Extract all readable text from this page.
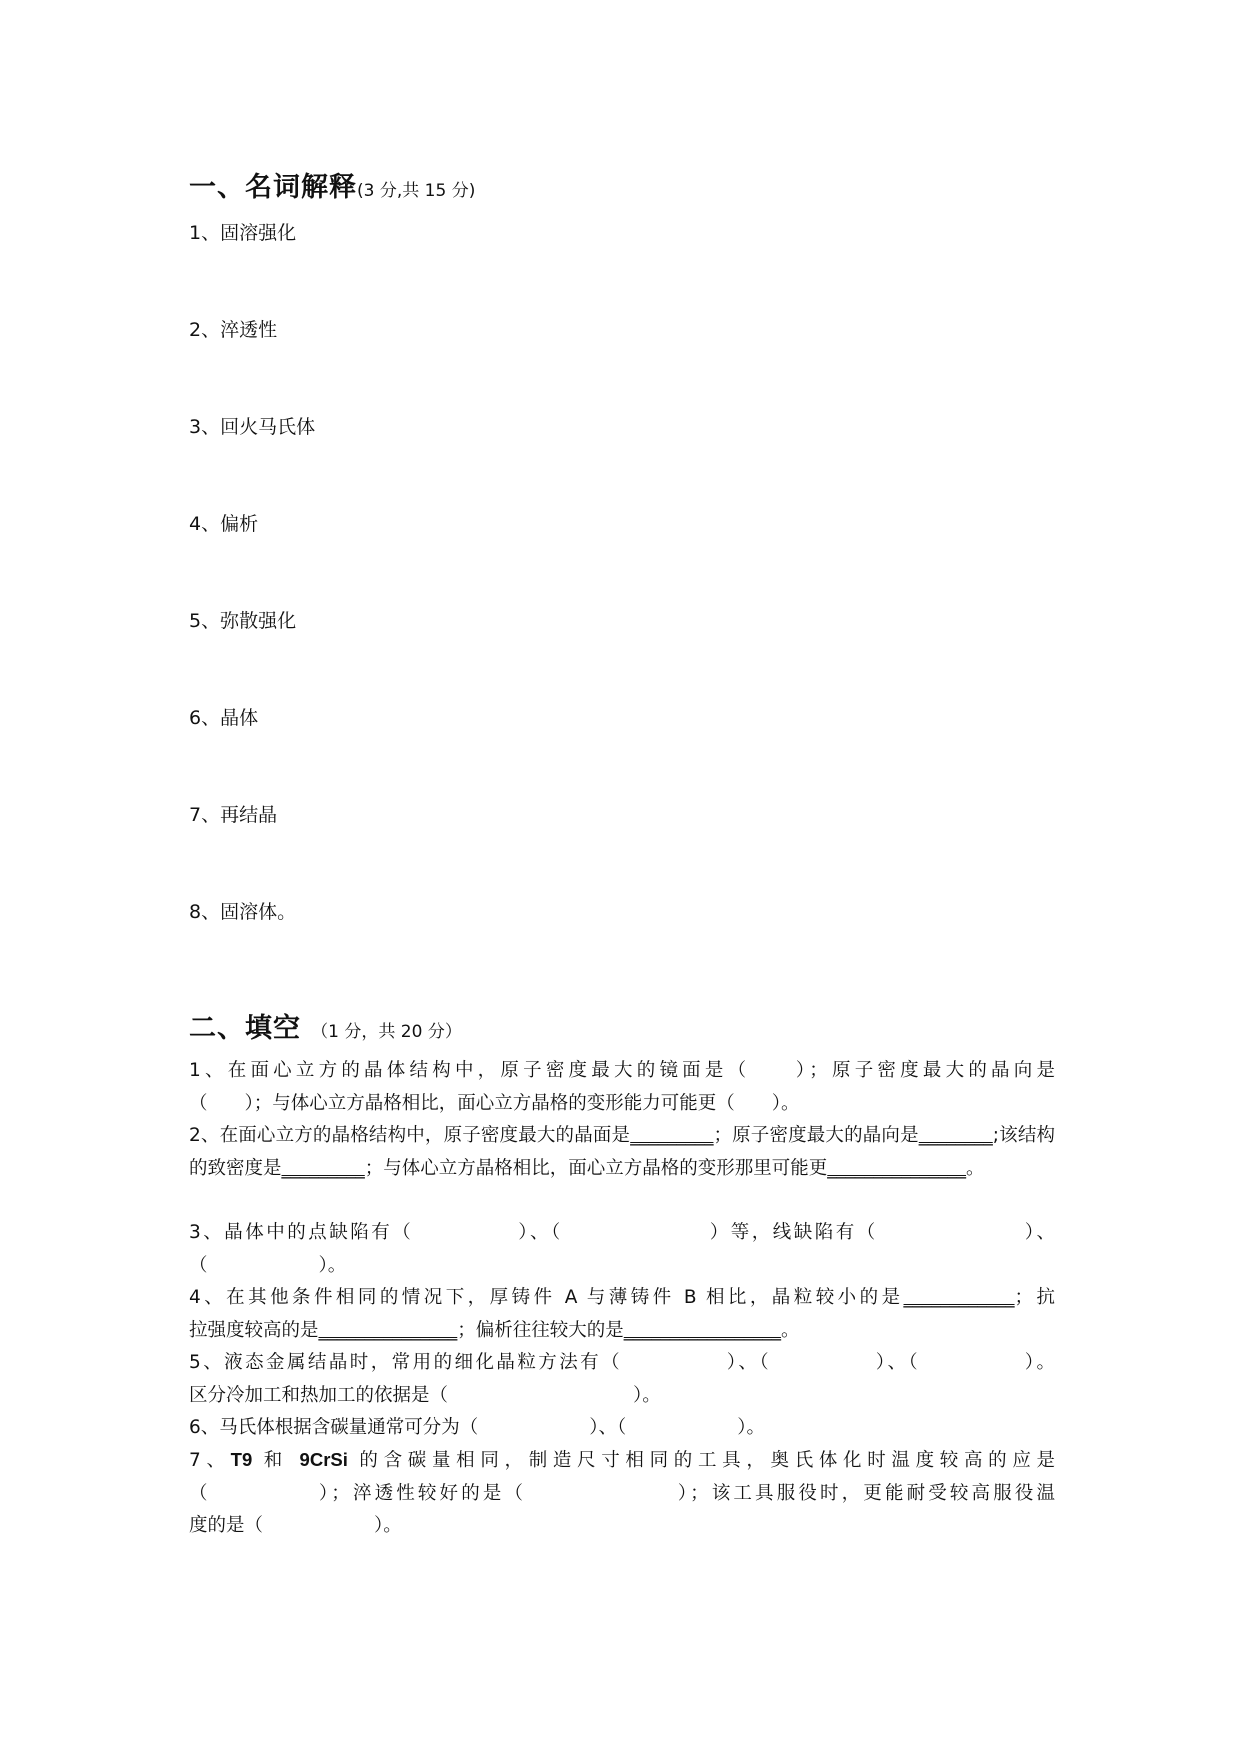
一、名词解释(3 分,共 15 分)
1、固溶强化
2、淬透性
3、回火马氏体
4、偏析
5、弥散强化
6、晶体
7、再结晶
8、固溶体。
二、填空 （1 分，共 20 分）
1、在面心立方的晶体结构中，原子密度最大的镜面是（　　）；原子密度最大的晶向是
（　　）；与体心立方晶格相比，面心立方晶格的变形能力可能更（　　）。
2、在面心立方的晶格结构中，原子密度最大的晶面是_________；原子密度最大的晶向是________;该结构的致密度是_________；与体心立方晶格相比，面心立方晶格的变形那里可能更_______________。
3、晶体中的点缺陷有（　　　　　）、（　　　　　　　）等，线缺陷有（　　　　　　　）、
（　　　　　　）。
4、在其他条件相同的情况下，厚铸件 A 与薄铸件 B 相比，晶粒较小的是____________；抗
拉强度较高的是_______________；偏析往往较大的是_________________。
5、液态金属结晶时，常用的细化晶粒方法有（　　　　　）、（　　　　　）、（　　　　　）。
区分冷加工和热加工的依据是（　　　　　　　　　　）。
6、马氏体根据含碳量通常可分为（　　　　　　）、（　　　　　　）。
7、T9 和 9CrSi 的含碳量相同，制造尺寸相同的工具，奥氏体化时温度较高的应是
（　　　　　）；淬透性较好的是（　　　　　　　）；该工具服役时，更能耐受较高服役温
度的是（　　　　　　）。
